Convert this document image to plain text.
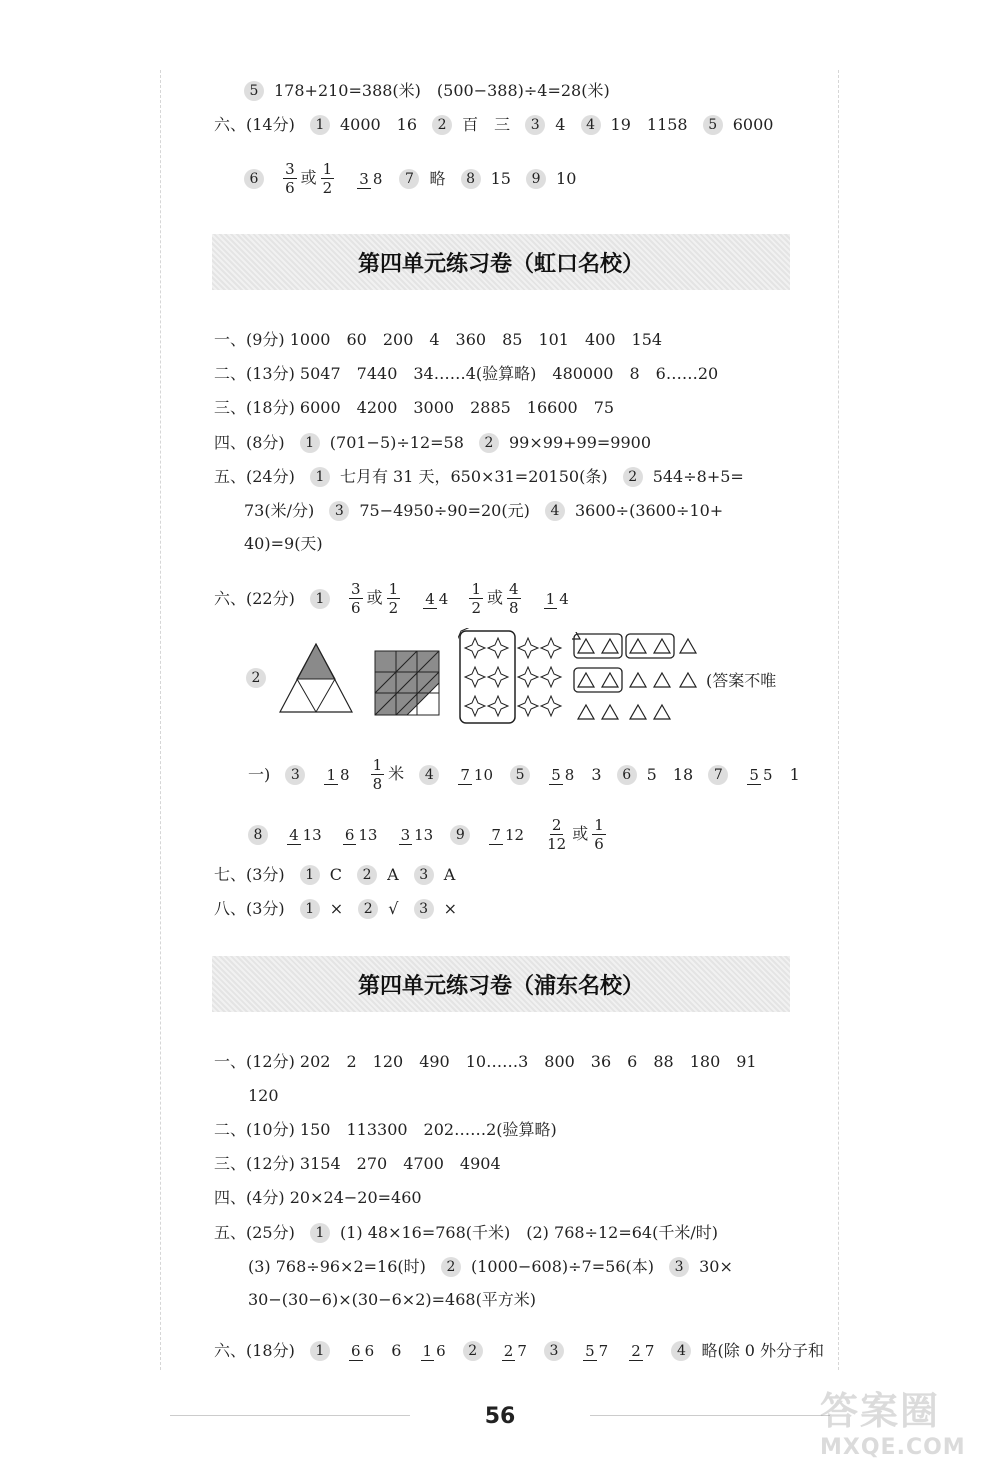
5 178+210=388(米)　(500−388)÷4=28(米)
六、(14分) 1 4000　16 2 百　三 3 4 4 19　1158 5 6000
$6 \frac{3}{6}$ 或 $\frac{1}{2} 3$ 8 7 略 8 15 9 10
第四单元练习卷（虹口名校）
一、(9分) 1000　60　200　4　360　85　101　400　154
二、(13分) 5047　7440　34……4(验算略)　480000　8　6……20
三、(18分) 6000　4200　3000　2885　16600　75
四、(8分) 1 (701−5)÷12=58 2 99×99+99=9900
五、(24分) 1 七月有 31 天，650×31=20150(条) 2 544÷8+5=
73(米/分) 3 75−4950÷90=20(元) 4 3600÷(3600÷10+
40)=9(天)
六、(22分) $1 \frac{3}{6}$ 或 $\frac{1}{2} 4$ $4 \frac{1}{2}$ 或 $\frac{4}{8} 1$ 4
2	(答案不唯
一) 3 1 $8 \frac{1}{8}$ 米 4 7 10 5 5 8 3 6 5　18 7 5 5 1
8 4 13 6 13 3 13 9 7 $12 \frac{2}{12}$ 或 $\frac{1}{6}$
七、(3分) 1 C 2 A 3 A
八、(3分) 1 × 2 √ 3 ×
第四单元练习卷（浦东名校）
一、(12分) 202　2　120　490　10……3　800　36　6　88　180　91
120
二、(10分) 150　113300　202……2(验算略)
三、(12分) 3154　270　4700　4904
四、(4分) 20×24−20=460
五、(25分) 1 (1) 48×16=768(千米)　(2) 768÷12=64(千米/时)
(3) 768÷96×2=16(时) 2 (1000−608)÷7=56(本) 3 30×
30−(30−6)×(30−6×2)=468(平方米)
六、(18分) 1 6 6 6 1 6 2 2 7 3 5 7 2 7 4 略(除 0 外分子和
56	答案圈
MXQE.COM
